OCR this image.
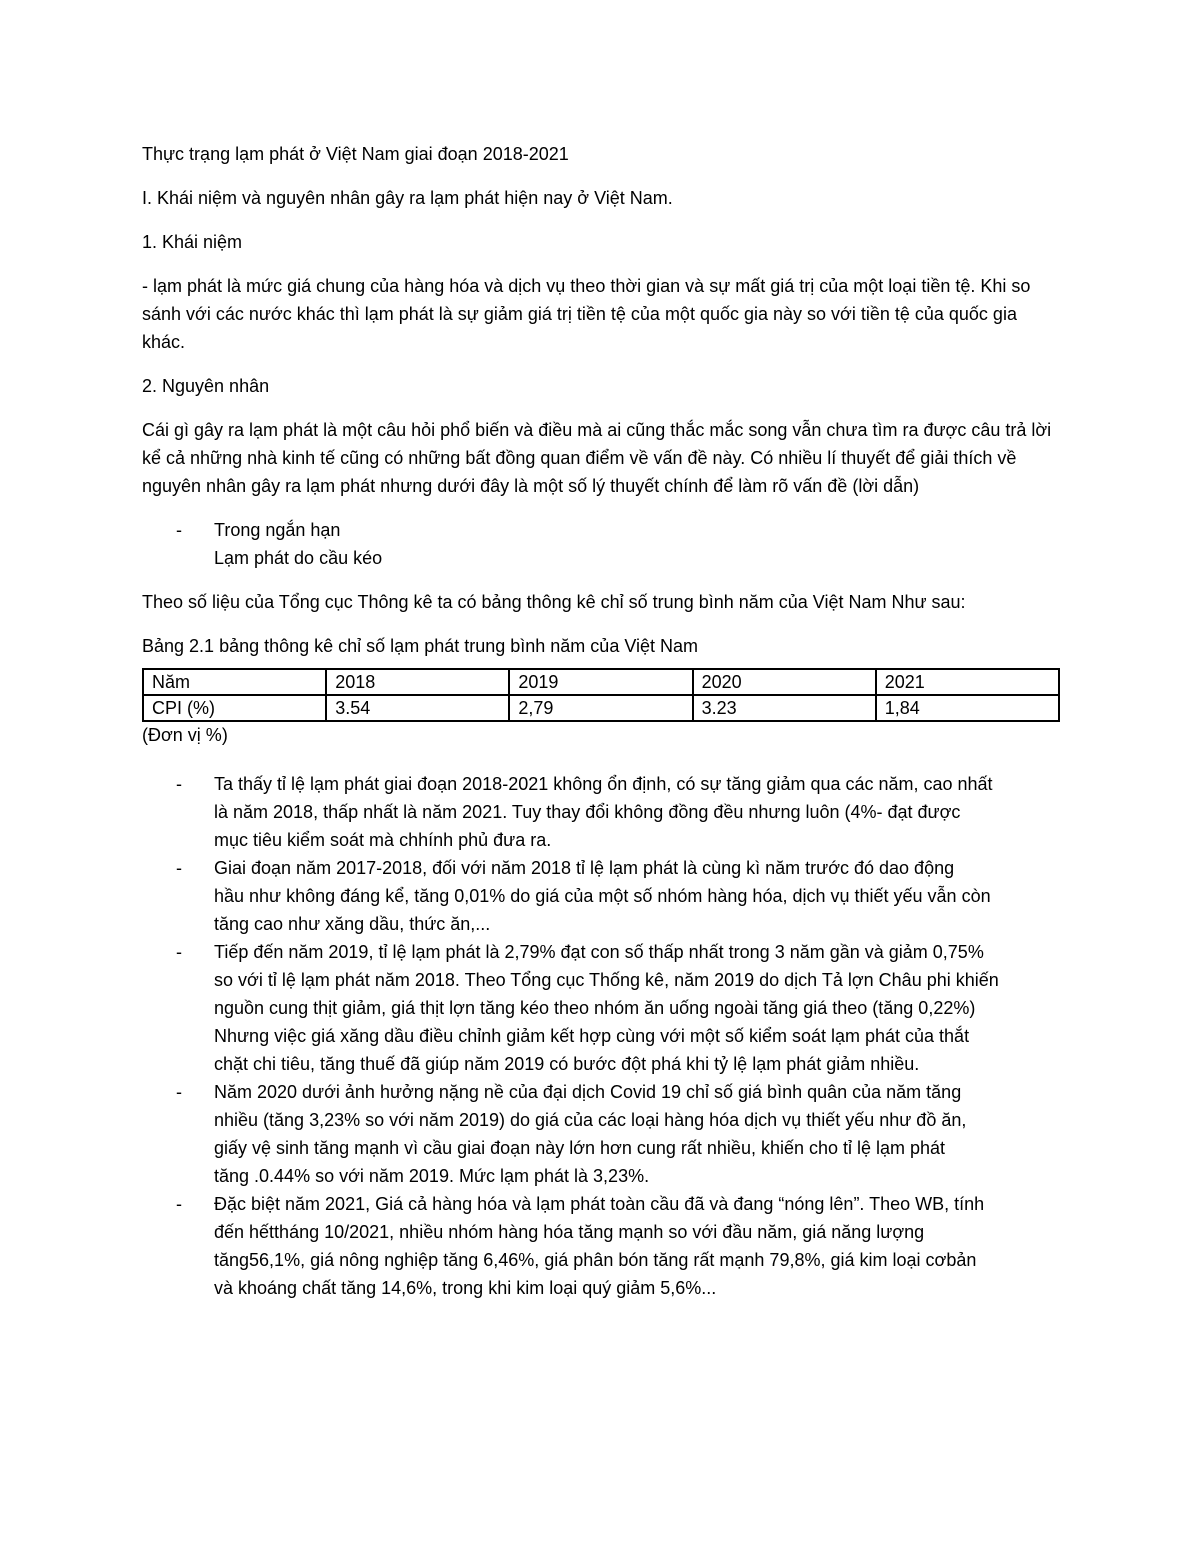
Thực trạng lạm phát ở Việt Nam giai đoạn 2018-2021

I. Khái niệm và nguyên nhân gây ra lạm phát hiện nay ở Việt Nam.

1. Khái niệm

- lạm phát là mức giá chung của hàng hóa và dịch vụ theo thời gian và sự mất giá trị của một loại tiền tệ. Khi so sánh với các nước khác thì lạm phát là sự giảm giá trị tiền tệ của một quốc gia này so với tiền tệ của quốc gia khác.

2. Nguyên nhân

Cái gì gây ra lạm phát là một câu hỏi phổ biến và điều mà ai cũng thắc mắc song vẫn chưa tìm ra được câu trả lời kể cả những nhà kinh tế cũng có những bất đồng quan điểm về vấn đề này. Có nhiều lí thuyết để giải thích về nguyên nhân gây ra lạm phát nhưng dưới đây là một số lý thuyết chính để làm rõ vấn đề (lời dẫn)

- Trong ngắn hạn
Lạm phát do cầu kéo

Theo số liệu của Tổng cục Thông kê ta có bảng thông kê chỉ số trung bình năm của Việt Nam Như sau:

Bảng 2.1 bảng thông kê chỉ số lạm phát trung bình năm của Việt Nam

Năm	2018	2019	2020	2021
CPI (%)	3.54	2,79	3.23	1,84
(Đơn vị %)
- Ta thấy tỉ lệ lạm phát giai đoạn 2018-2021 không ổn định, có sự tăng giảm qua các năm, cao nhất
là năm 2018, thấp nhất là năm 2021. Tuy thay đổi không đồng đều nhưng luôn (4%- đạt được
mục tiêu kiểm soát mà chhính phủ đưa ra.
- Giai đoạn năm 2017-2018, đối với năm 2018 tỉ lệ lạm phát là cùng kì năm trước đó dao động
hầu như không đáng kể, tăng 0,01% do giá của một số nhóm hàng hóa, dịch vụ thiết yếu vẫn còn
tăng cao như xăng dầu, thức ăn,...
- Tiếp đến năm 2019, tỉ lệ lạm phát là 2,79% đạt con số thấp nhất trong 3 năm gần và giảm 0,75%
so với tỉ lệ lạm phát năm 2018. Theo Tổng cục Thống kê, năm 2019 do dịch Tả lợn Châu phi khiến
nguồn cung thịt giảm, giá thịt lợn tăng kéo theo nhóm ăn uống ngoài tăng giá theo (tăng 0,22%)
Nhưng việc giá xăng dầu điều chỉnh giảm kết hợp cùng với một số kiểm soát lạm phát của thắt
chặt chi tiêu, tăng thuế đã giúp năm 2019 có bước đột phá khi tỷ lệ lạm phát giảm nhiều.
- Năm 2020 dưới ảnh hưởng nặng nề của đại dịch Covid 19 chỉ số giá bình quân của năm tăng
nhiều (tăng 3,23% so với năm 2019) do giá của các loại hàng hóa dịch vụ thiết yếu như đồ ăn,
giấy vệ sinh tăng mạnh vì cầu giai đoạn này lớn hơn cung rất nhiều, khiến cho tỉ lệ lạm phát
tăng .0.44% so với năm 2019. Mức lạm phát là 3,23%.
- Đặc biệt năm 2021, Giá cả hàng hóa và lạm phát toàn cầu đã và đang “nóng lên”. Theo WB, tính
đến hếttháng 10/2021, nhiều nhóm hàng hóa tăng mạnh so với đầu năm, giá năng lượng
tăng56,1%, giá nông nghiệp tăng 6,46%, giá phân bón tăng rất mạnh 79,8%, giá kim loại cơbản
và khoáng chất tăng 14,6%, trong khi kim loại quý giảm 5,6%...
